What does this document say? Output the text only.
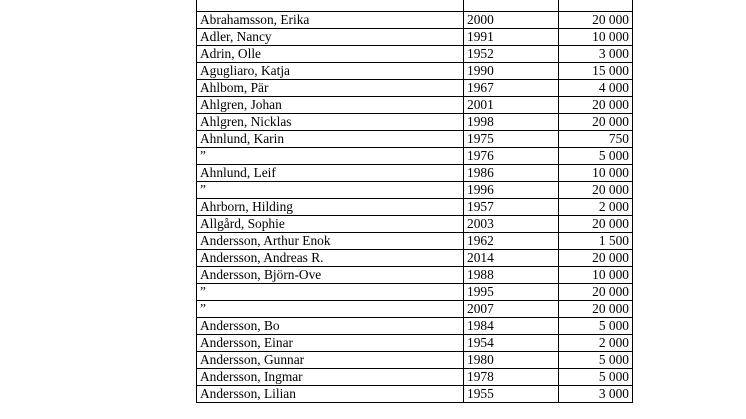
Abrahamsson, Erika	2000	20 000
Adler, Nancy	1991	10 000
Adrin, Olle	1952	3 000
Agugliaro, Katja	1990	15 000
Ahlbom, Pär	1967	4 000
Ahlgren, Johan	2001	20 000
Ahlgren, Nicklas	1998	20 000
Ahnlund, Karin	1975	750
”	1976	5 000
Ahnlund, Leif	1986	10 000
”	1996	20 000
Ahrborn, Hilding	1957	2 000
Allgård, Sophie	2003	20 000
Andersson, Arthur Enok	1962	1 500
Andersson, Andreas R.	2014	20 000
Andersson, Björn-Ove	1988	10 000
”	1995	20 000
”	2007	20 000
Andersson, Bo	1984	5 000
Andersson, Einar	1954	2 000
Andersson, Gunnar	1980	5 000
Andersson, Ingmar	1978	5 000
Andersson, Lilian	1955	3 000
